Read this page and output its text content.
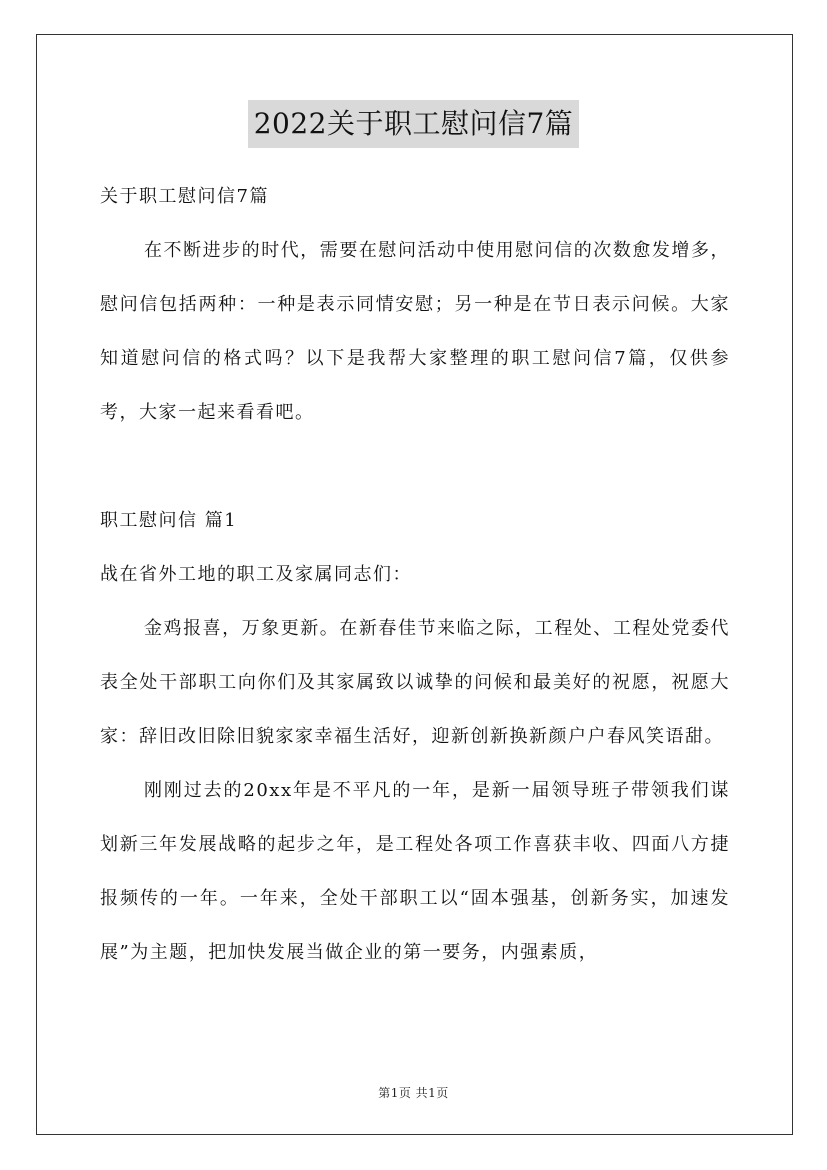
2022关于职工慰问信7篇

关于职工慰问信7篇

在不断进步的时代，需要在慰问活动中使用慰问信的次数愈发增多，慰问信包括两种：一种是表示同情安慰；另一种是在节日表示问候。大家知道慰问信的格式吗？以下是我帮大家整理的职工慰问信7篇，仅供参考，大家一起来看看吧。

职工慰问信 篇1

战在省外工地的职工及家属同志们：

金鸡报喜，万象更新。在新春佳节来临之际，工程处、工程处党委代表全处干部职工向你们及其家属致以诚挚的问候和最美好的祝愿，祝愿大家：辞旧改旧除旧貌家家幸福生活好，迎新创新换新颜户户春风笑语甜。

刚刚过去的20xx年是不平凡的一年，是新一届领导班子带领我们谋划新三年发展战略的起步之年，是工程处各项工作喜获丰收、四面八方捷报频传的一年。一年来，全处干部职工以“固本强基，创新务实，加速发展”为主题，把加快发展当做企业的第一要务，内强素质，

第1页 共1页
